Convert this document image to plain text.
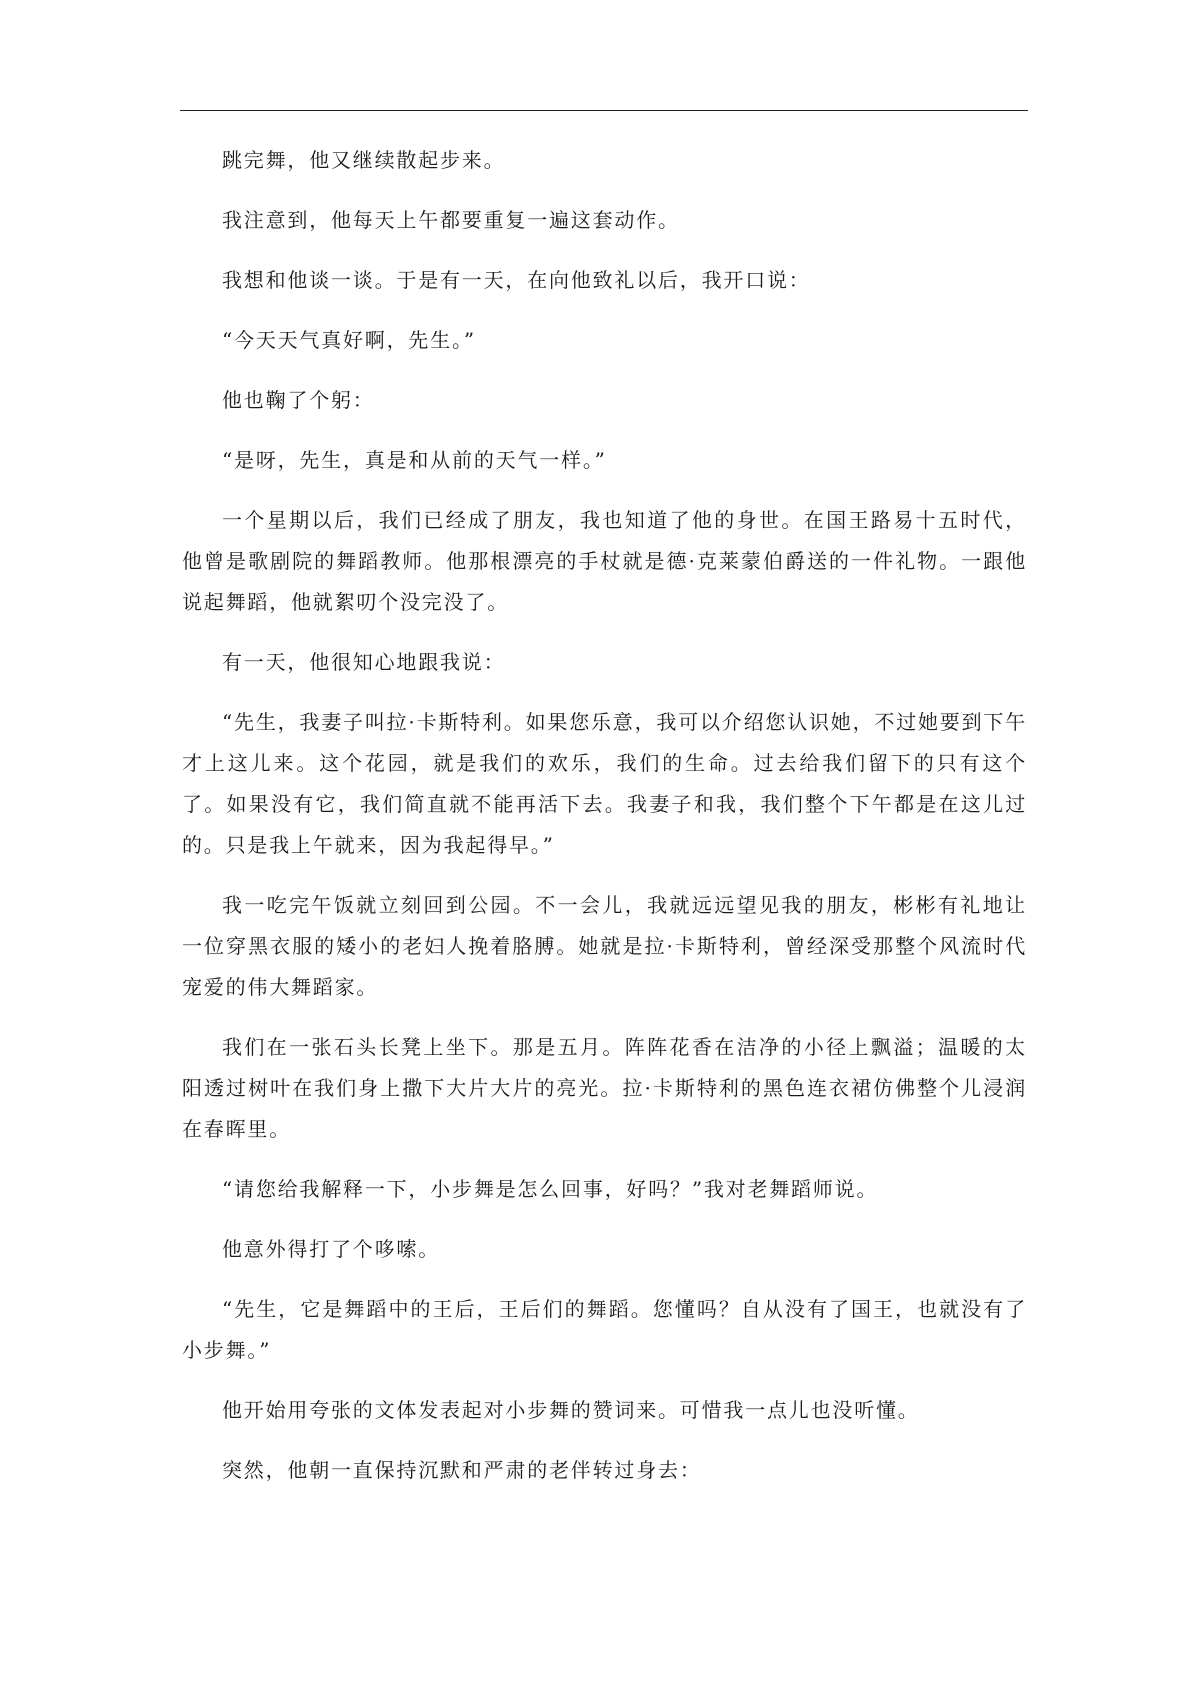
跳完舞，他又继续散起步来。

我注意到，他每天上午都要重复一遍这套动作。

我想和他谈一谈。于是有一天，在向他致礼以后，我开口说：

“今天天气真好啊，先生。”

他也鞠了个躬：

“是呀，先生，真是和从前的天气一样。”

一个星期以后，我们已经成了朋友，我也知道了他的身世。在国王路易十五时代，他曾是歌剧院的舞蹈教师。他那根漂亮的手杖就是德·克莱蒙伯爵送的一件礼物。一跟他说起舞蹈，他就絮叨个没完没了。

有一天，他很知心地跟我说：

“先生，我妻子叫拉·卡斯特利。如果您乐意，我可以介绍您认识她，不过她要到下午才上这儿来。这个花园，就是我们的欢乐，我们的生命。过去给我们留下的只有这个了。如果没有它，我们简直就不能再活下去。我妻子和我，我们整个下午都是在这儿过的。只是我上午就来，因为我起得早。”

我一吃完午饭就立刻回到公园。不一会儿，我就远远望见我的朋友，彬彬有礼地让一位穿黑衣服的矮小的老妇人挽着胳膊。她就是拉·卡斯特利，曾经深受那整个风流时代宠爱的伟大舞蹈家。

我们在一张石头长凳上坐下。那是五月。阵阵花香在洁净的小径上飘溢；温暖的太阳透过树叶在我们身上撒下大片大片的亮光。拉·卡斯特利的黑色连衣裙仿佛整个儿浸润在春晖里。

“请您给我解释一下，小步舞是怎么回事，好吗？”我对老舞蹈师说。

他意外得打了个哆嗦。

“先生，它是舞蹈中的王后，王后们的舞蹈。您懂吗？自从没有了国王，也就没有了小步舞。”

他开始用夸张的文体发表起对小步舞的赞词来。可惜我一点儿也没听懂。

突然，他朝一直保持沉默和严肃的老伴转过身去：
